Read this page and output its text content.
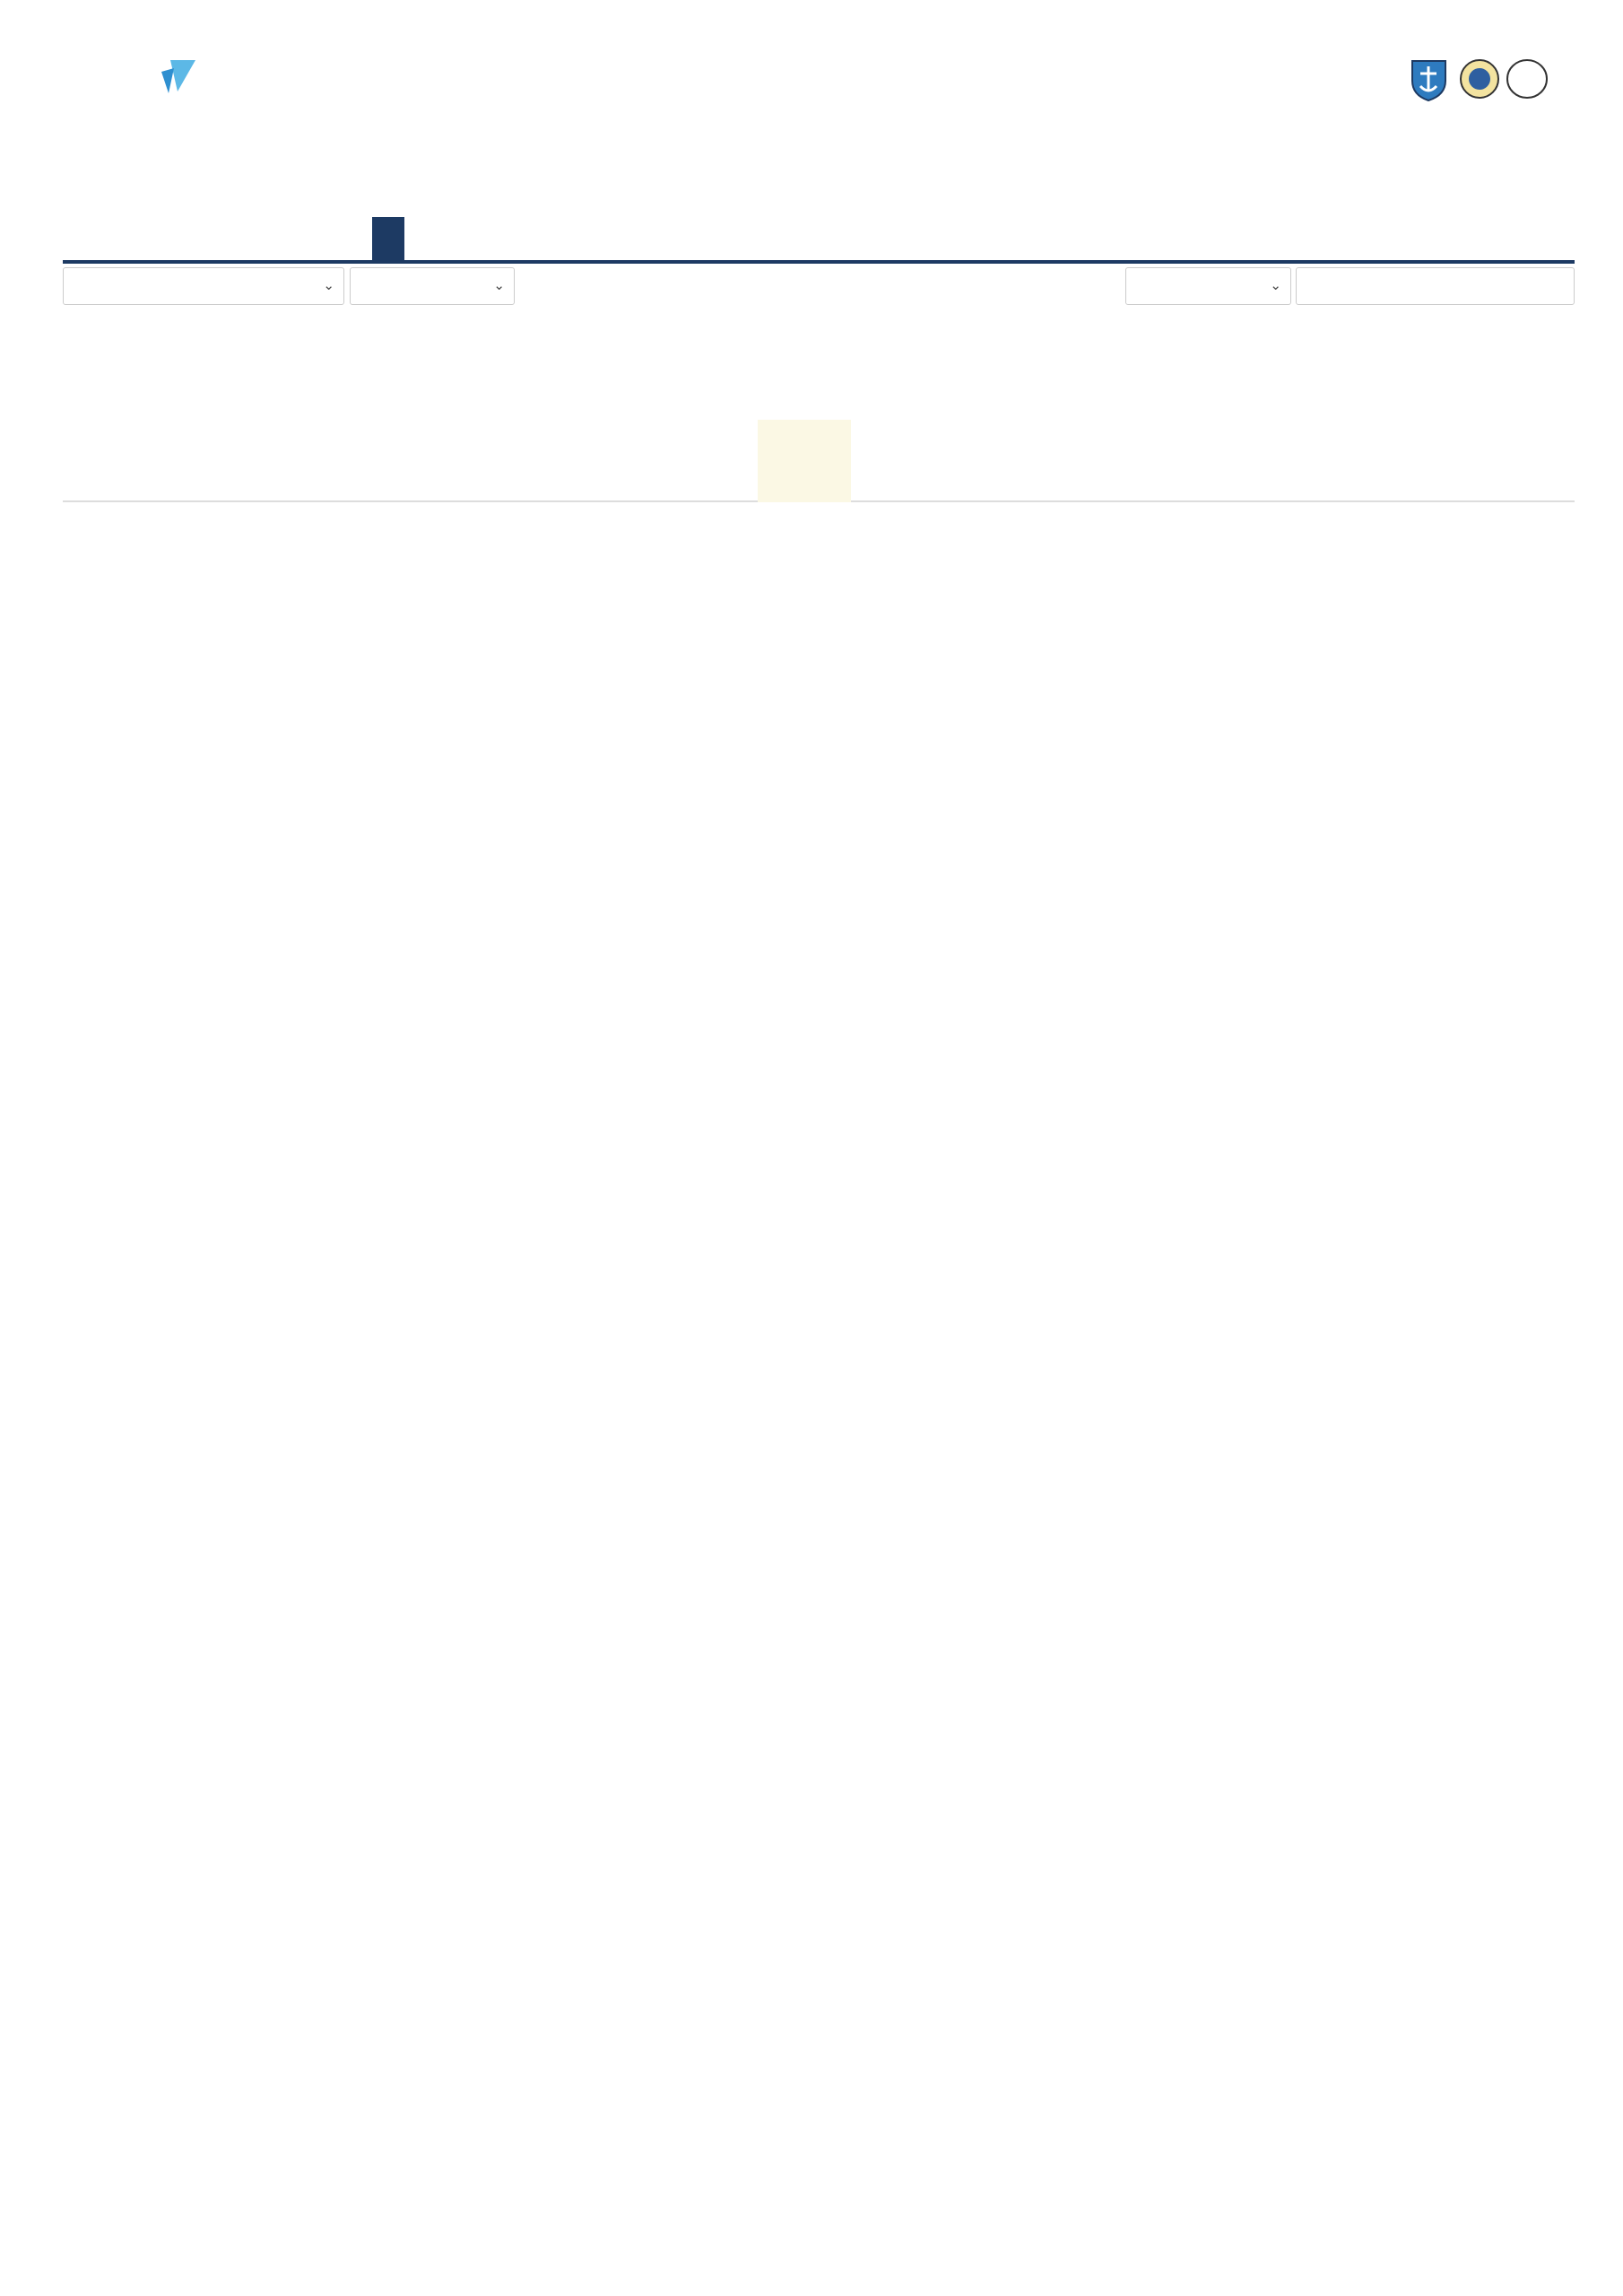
⌄	⌄	⌄
